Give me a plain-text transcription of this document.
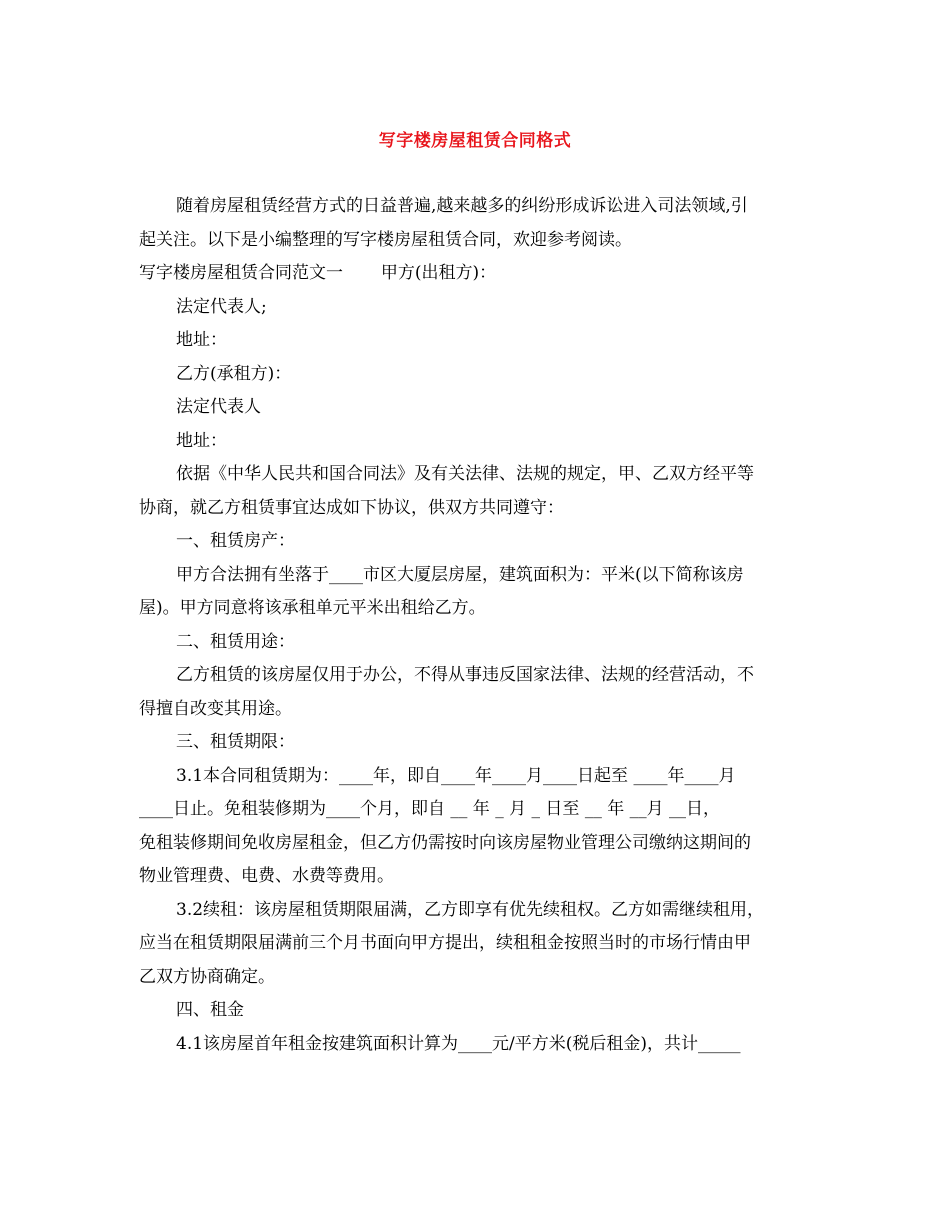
写字楼房屋租赁合同格式
随着房屋租赁经营方式的日益普遍,越来越多的纠纷形成诉讼进入司法领域,引
起关注。以下是小编整理的写字楼房屋租赁合同，欢迎参考阅读。
写字楼房屋租赁合同范文一       甲方(出租方)：
法定代表人;
地址：
乙方(承租方)：
法定代表人
地址：
依据《中华人民共和国合同法》及有关法律、法规的规定，甲、乙双方经平等
协商，就乙方租赁事宜达成如下协议，供双方共同遵守：
一、租赁房产：
甲方合法拥有坐落于____市区大厦层房屋，建筑面积为：平米(以下简称该房
屋)。甲方同意将该承租单元平米出租给乙方。
二、租赁用途：
乙方租赁的该房屋仅用于办公，不得从事违反国家法律、法规的经营活动，不
得擅自改变其用途。
三、租赁期限：
3.1本合同租赁期为：____年，即自____年____月____日起至 ____年____月
____日止。免租装修期为____个月，即自 __ 年 _ 月 _ 日至 __ 年 __月 __日，
免租装修期间免收房屋租金，但乙方仍需按时向该房屋物业管理公司缴纳这期间的
物业管理费、电费、水费等费用。
3.2续租：该房屋租赁期限届满，乙方即享有优先续租权。乙方如需继续租用，
应当在租赁期限届满前三个月书面向甲方提出，续租租金按照当时的市场行情由甲
乙双方协商确定。
四、租金
4.1该房屋首年租金按建筑面积计算为____元/平方米(税后租金)，共计_____
